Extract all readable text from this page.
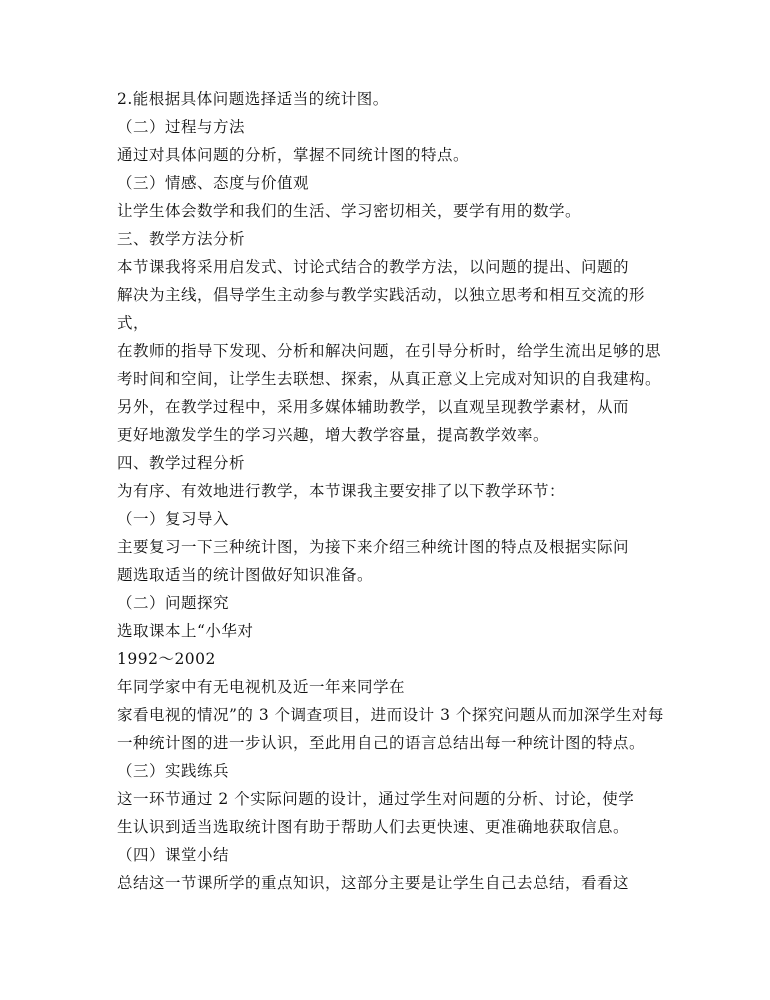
2.能根据具体问题选择适当的统计图。
（二）过程与方法
通过对具体问题的分析，掌握不同统计图的特点。
（三）情感、态度与价值观
让学生体会数学和我们的生活、学习密切相关，要学有用的数学。
三、教学方法分析
本节课我将采用启发式、讨论式结合的教学方法，以问题的提出、问题的
解决为主线，倡导学生主动参与教学实践活动，以独立思考和相互交流的形
式，
在教师的指导下发现、分析和解决问题，在引导分析时，给学生流出足够的思
考时间和空间，让学生去联想、探索，从真正意义上完成对知识的自我建构。
另外，在教学过程中，采用多媒体辅助教学，以直观呈现教学素材，从而
更好地激发学生的学习兴趣，增大教学容量，提高教学效率。
四、教学过程分析
为有序、有效地进行教学，本节课我主要安排了以下教学环节：
（一）复习导入
主要复习一下三种统计图，为接下来介绍三种统计图的特点及根据实际问
题选取适当的统计图做好知识准备。
（二）问题探究
选取课本上“小华对
1992～2002
年同学家中有无电视机及近一年来同学在
家看电视的情况”的 3 个调查项目，进而设计 3 个探究问题从而加深学生对每
一种统计图的进一步认识，至此用自己的语言总结出每一种统计图的特点。
（三）实践练兵
这一环节通过 2 个实际问题的设计，通过学生对问题的分析、讨论，使学
生认识到适当选取统计图有助于帮助人们去更快速、更准确地获取信息。
（四）课堂小结
总结这一节课所学的重点知识，这部分主要是让学生自己去总结，看看这
